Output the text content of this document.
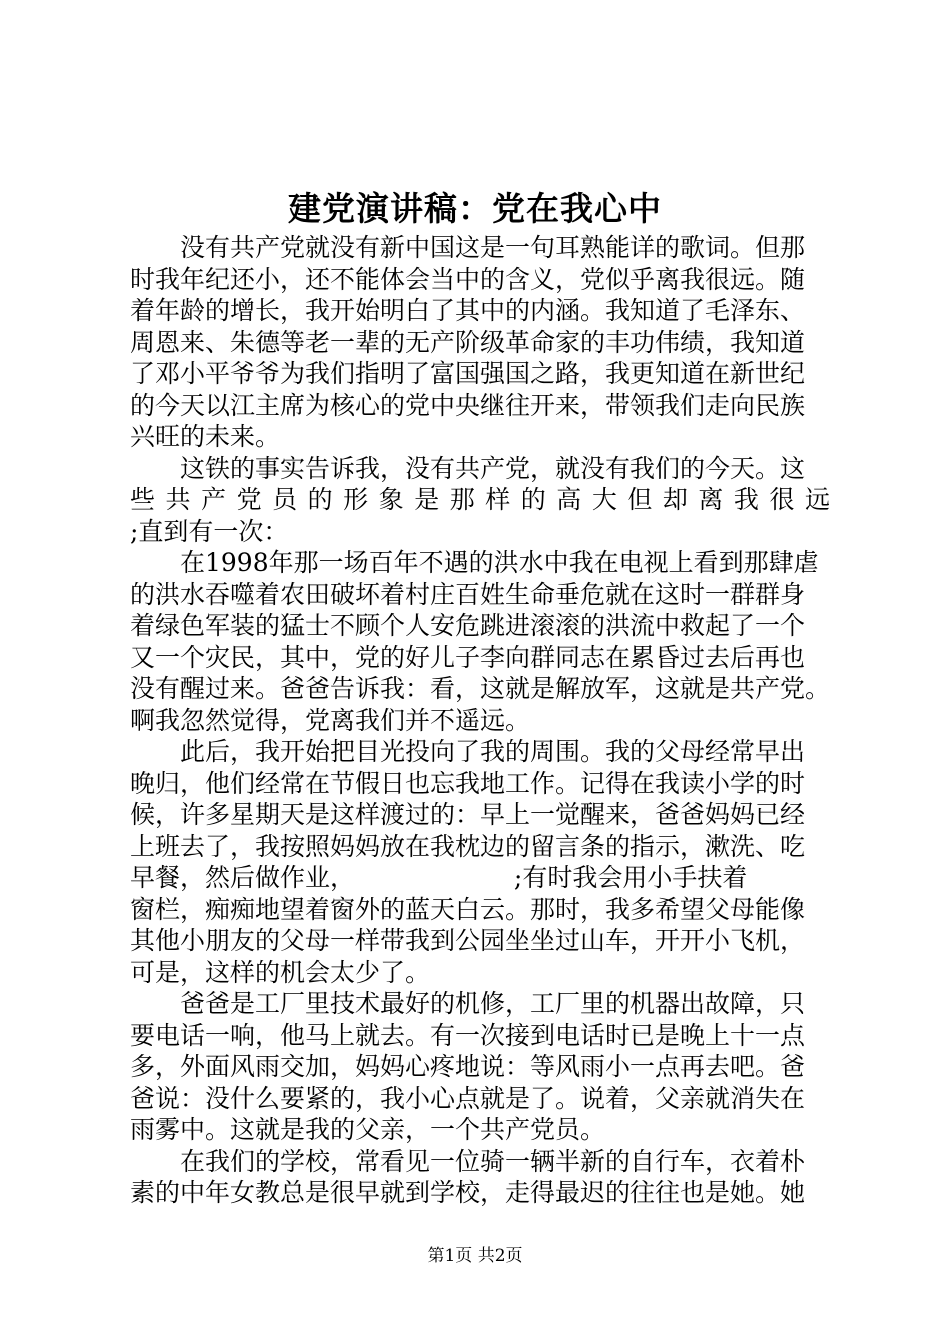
建党演讲稿：党在我心中
没有共产党就没有新中国这是一句耳熟能详的歌词。但那
时我年纪还小，还不能体会当中的含义，党似乎离我很远。随
着年龄的增长，我开始明白了其中的内涵。我知道了毛泽东、
周恩来、朱德等老一辈的无产阶级革命家的丰功伟绩，我知道
了邓小平爷爷为我们指明了富国强国之路，我更知道在新世纪
的今天以江主席为核心的党中央继往开来，带领我们走向民族
兴旺的未来。
这铁的事实告诉我，没有共产党，就没有我们的今天。这
些共产党员的形象是那样的高大但却离我很远
;直到有一次：
在1998年那一场百年不遇的洪水中我在电视上看到那肆虐
的洪水吞噬着农田破坏着村庄百姓生命垂危就在这时一群群身
着绿色军装的猛士不顾个人安危跳进滚滚的洪流中救起了一个
又一个灾民，其中，党的好儿子李向群同志在累昏过去后再也
没有醒过来。爸爸告诉我：看，这就是解放军，这就是共产党。
啊我忽然觉得，党离我们并不遥远。
此后，我开始把目光投向了我的周围。我的父母经常早出
晚归，他们经常在节假日也忘我地工作。记得在我读小学的时
候，许多星期天是这样渡过的：早上一觉醒来，爸爸妈妈已经
上班去了，我按照妈妈放在我枕边的留言条的指示，漱洗、吃
早餐，然后做作业，                    ;有时我会用小手扶着
窗栏，痴痴地望着窗外的蓝天白云。那时，我多希望父母能像
其他小朋友的父母一样带我到公园坐坐过山车，开开小飞机，
可是，这样的机会太少了。
爸爸是工厂里技术最好的机修，工厂里的机器出故障，只
要电话一响，他马上就去。有一次接到电话时已是晚上十一点
多，外面风雨交加，妈妈心疼地说：等风雨小一点再去吧。爸
爸说：没什么要紧的，我小心点就是了。说着，父亲就消失在
雨雾中。这就是我的父亲，一个共产党员。
在我们的学校，常看见一位骑一辆半新的自行车，衣着朴
素的中年女教总是很早就到学校，走得最迟的往往也是她。她
第1页 共2页
